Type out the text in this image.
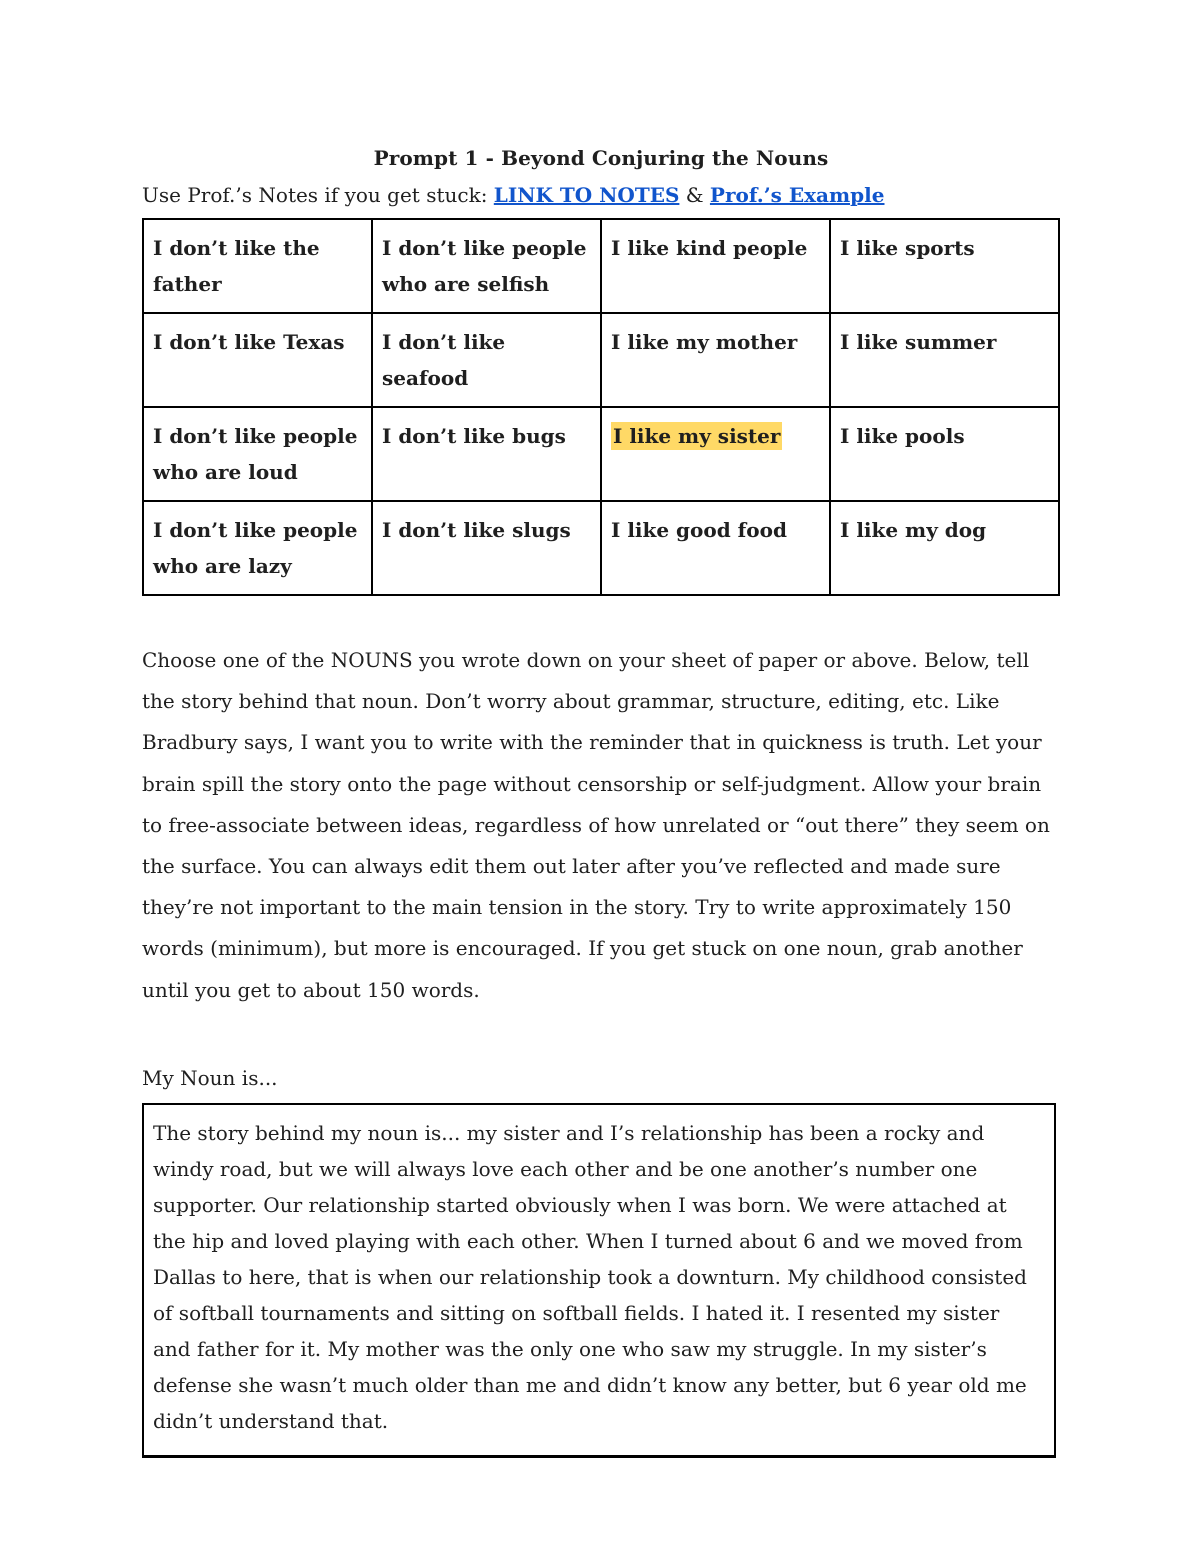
Prompt 1 - Beyond Conjuring the Nouns

Use Prof.’s Notes if you get stuck: LINK TO NOTES & Prof.’s Example

I don’t like the father	I don’t like people who are selfish	I like kind people	I like sports
I don’t like Texas	I don’t like seafood	I like my mother	I like summer
I don’t like people who are loud	I don’t like bugs	I like my sister	I like pools
I don’t like people who are lazy	I don’t like slugs	I like good food	I like my dog

Choose one of the NOUNS you wrote down on your sheet of paper or above. Below, tell the story behind that noun. Don’t worry about grammar, structure, editing, etc. Like Bradbury says, I want you to write with the reminder that in quickness is truth. Let your brain spill the story onto the page without censorship or self-judgment. Allow your brain to free-associate between ideas, regardless of how unrelated or “out there” they seem on the surface. You can always edit them out later after you’ve reflected and made sure they’re not important to the main tension in the story. Try to write approximately 150 words (minimum), but more is encouraged. If you get stuck on one noun, grab another until you get to about 150 words.

My Noun is...

The story behind my noun is... my sister and I’s relationship has been a rocky and windy road, but we will always love each other and be one another’s number one supporter. Our relationship started obviously when I was born. We were attached at the hip and loved playing with each other. When I turned about 6 and we moved from Dallas to here, that is when our relationship took a downturn. My childhood consisted of softball tournaments and sitting on softball fields. I hated it. I resented my sister and father for it. My mother was the only one who saw my struggle. In my sister’s defense she wasn’t much older than me and didn’t know any better, but 6 year old me didn’t understand that.
